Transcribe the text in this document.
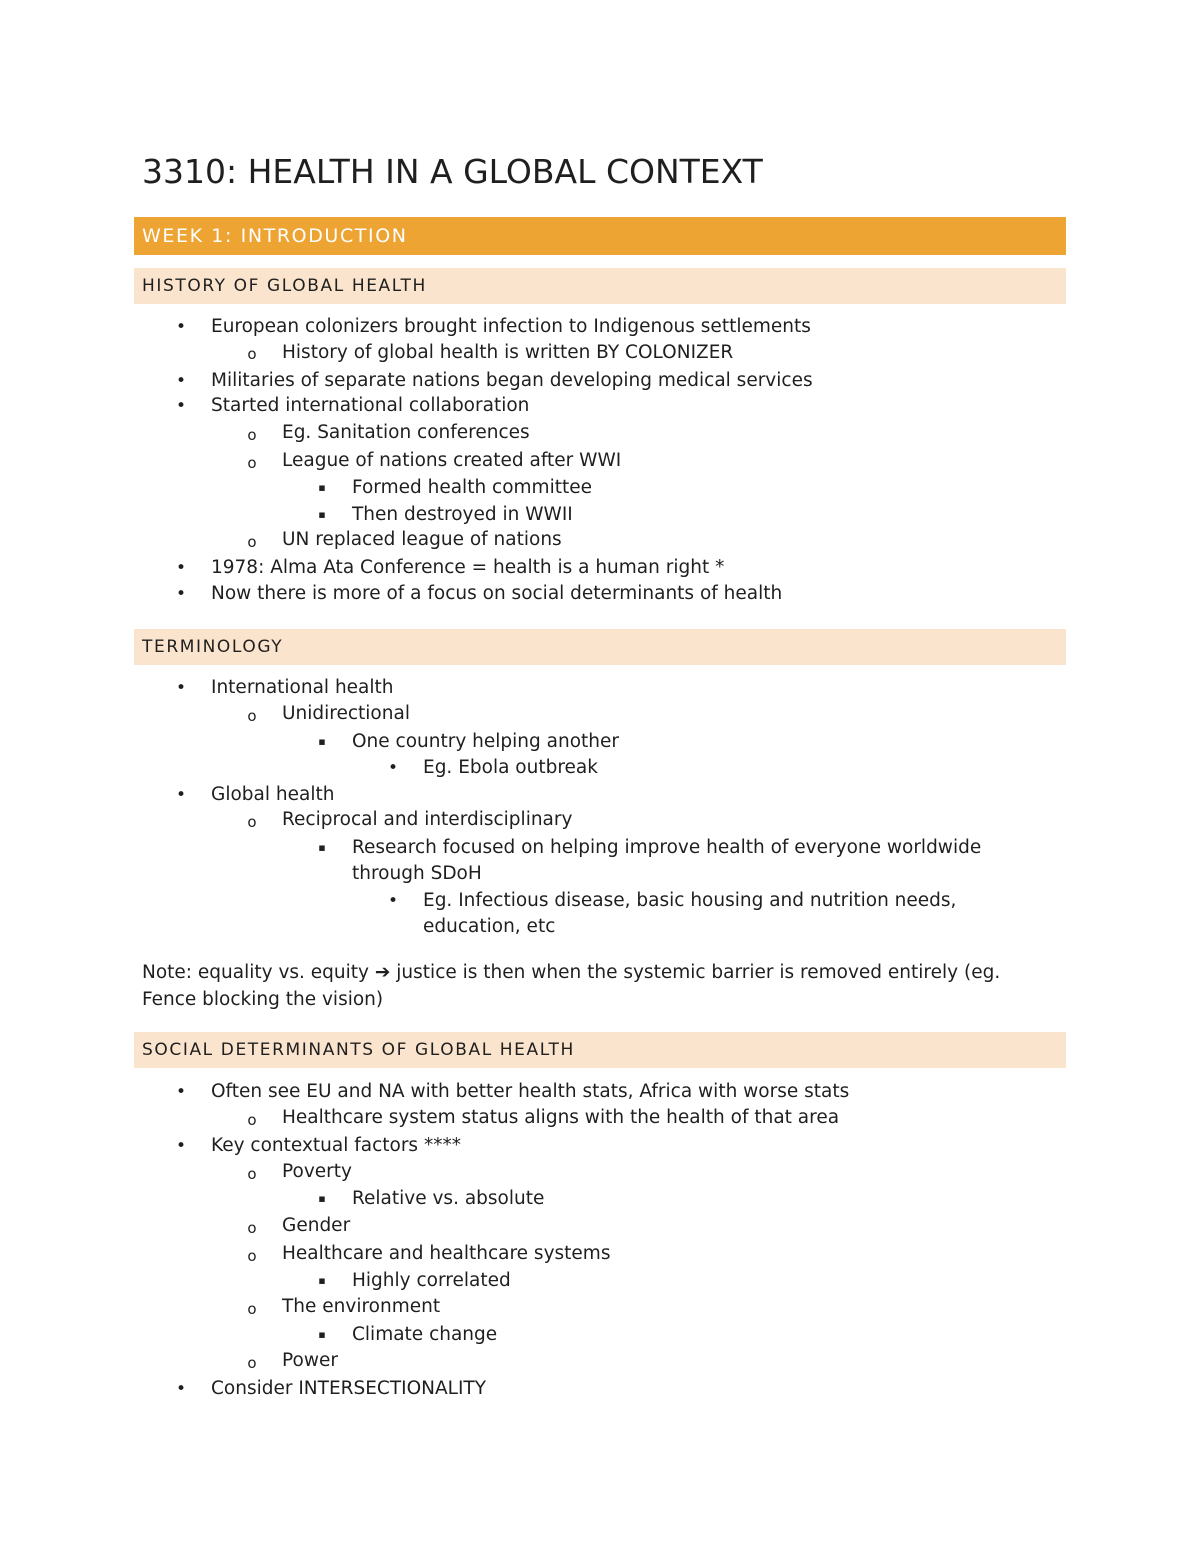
3310: HEALTH IN A GLOBAL CONTEXT
WEEK 1: INTRODUCTION
HISTORY OF GLOBAL HEALTH
• European colonizers brought infection to Indigenous settlements
o History of global health is written BY COLONIZER
• Militaries of separate nations began developing medical services
• Started international collaboration
o Eg. Sanitation conferences
o League of nations created after WWI
▪ Formed health committee
▪ Then destroyed in WWII
o UN replaced league of nations
• 1978: Alma Ata Conference = health is a human right *
• Now there is more of a focus on social determinants of health
TERMINOLOGY
• International health
o Unidirectional
▪ One country helping another
• Eg. Ebola outbreak
• Global health
o Reciprocal and interdisciplinary
▪ Research focused on helping improve health of everyone worldwide
through SDoH
• Eg. Infectious disease, basic housing and nutrition needs,
education, etc
Note: equality vs. equity ➔ justice is then when the systemic barrier is removed entirely (eg.
Fence blocking the vision)
SOCIAL DETERMINANTS OF GLOBAL HEALTH
• Often see EU and NA with better health stats, Africa with worse stats
o Healthcare system status aligns with the health of that area
• Key contextual factors ****
o Poverty
▪ Relative vs. absolute
o Gender
o Healthcare and healthcare systems
▪ Highly correlated
o The environment
▪ Climate change
o Power
• Consider INTERSECTIONALITY
